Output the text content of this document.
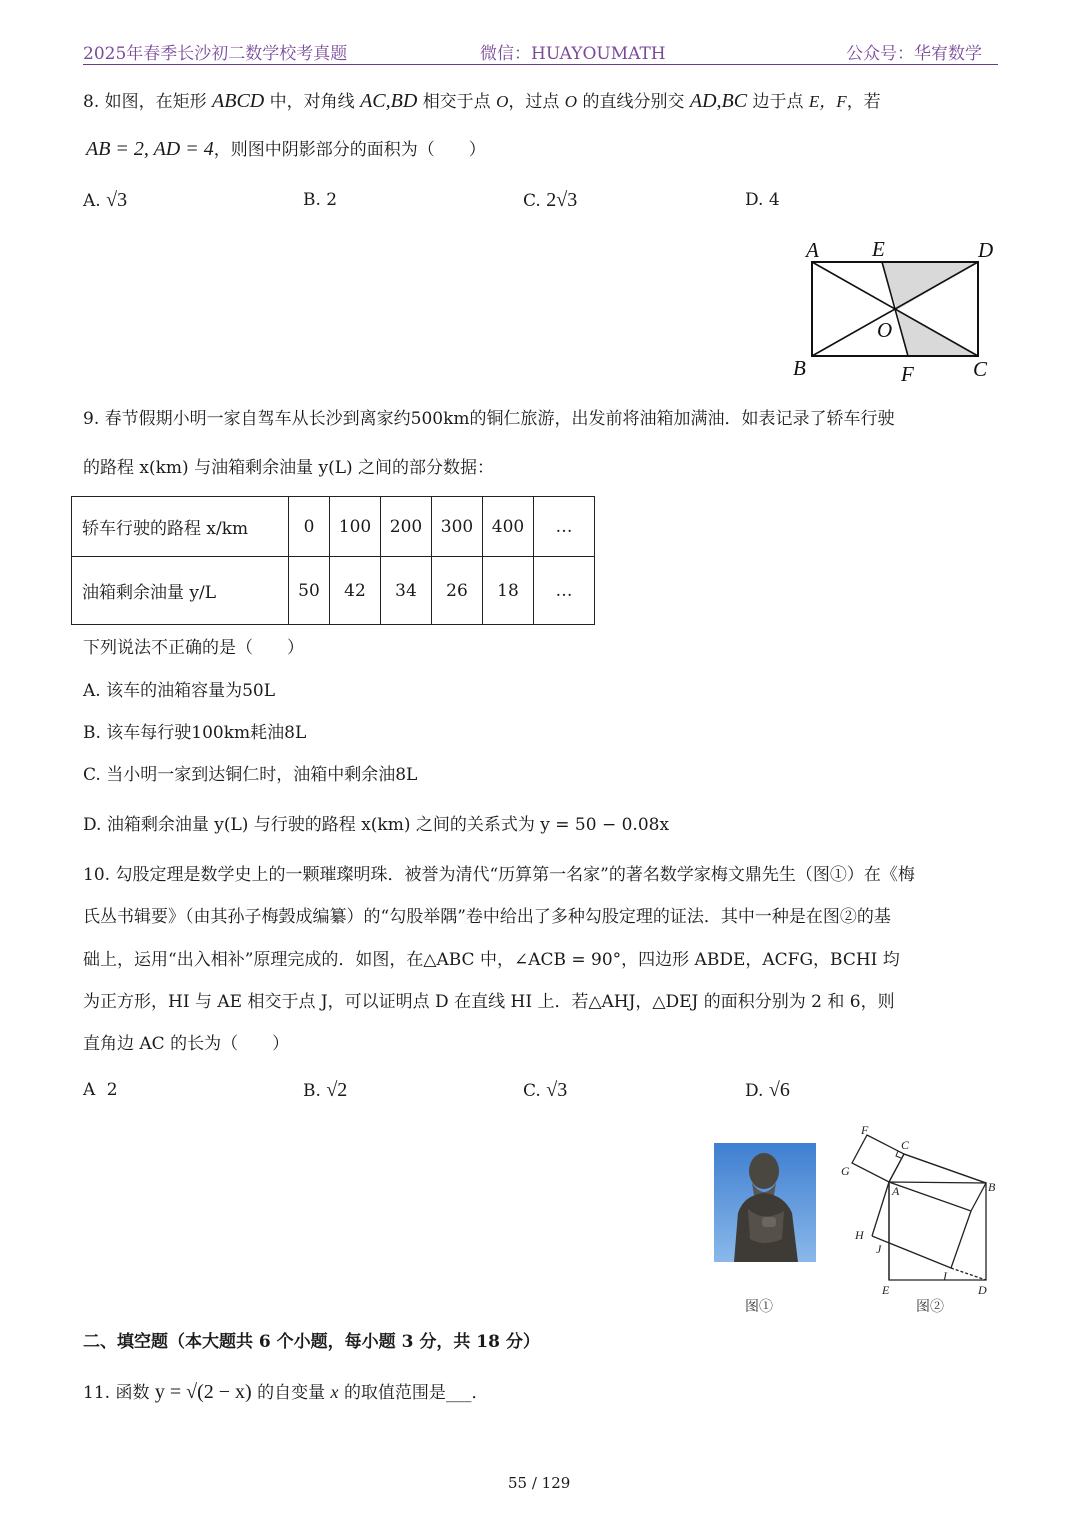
2025年春季长沙初二数学校考真题	微信：HUAYOUMATH	公众号：华宥数学
8. 如图，在矩形 ABCD 中，对角线 AC,BD 相交于点 O，过点 O 的直线分别交 AD,BC 边于点 E，F，若
AB = 2, AD = 4，则图中阴影部分的面积为（　　）
A. √3	B. 2	C. 2√3	D. 4
A	E	D
O
B	F	C
9. 春节假期小明一家自驾车从长沙到离家约500km的铜仁旅游，出发前将油箱加满油．如表记录了轿车行驶
的路程 x(km) 与油箱剩余油量 y(L) 之间的部分数据：
轿车行驶的路程 x/km	0	100	200	300	400	…
油箱剩余油量 y/L	50	42	34	26	18	…
下列说法不正确的是（　　）
A. 该车的油箱容量为50L
B. 该车每行驶100km耗油8L
C. 当小明一家到达铜仁时，油箱中剩余油8L
D. 油箱剩余油量 y(L) 与行驶的路程 x(km) 之间的关系式为 y = 50 − 0.08x
10. 勾股定理是数学史上的一颗璀璨明珠．被誉为清代“历算第一名家”的著名数学家梅文鼎先生（图①）在《梅
氏丛书辑要》（由其孙子梅瑴成编纂）的“勾股举隅”卷中给出了多种勾股定理的证法．其中一种是在图②的基
础上，运用“出入相补”原理完成的．如图，在△ABC 中，∠ACB = 90°，四边形 ABDE，ACFG，BCHI 均
为正方形，HI 与 AE 相交于点 J，可以证明点 D 在直线 HI 上．若△AHJ，△DEJ 的面积分别为 2 和 6，则
直角边 AC 的长为（　　）
A 2	B. √2	C. √3	D. √6
图①
F
C
G
A	B
H
J
E
I
D
图②
二、填空题（本大题共 6 个小题，每小题 3 分，共 18 分）
11. 函数 y = √(2 − x) 的自变量 x 的取值范围是___．
55 / 129
